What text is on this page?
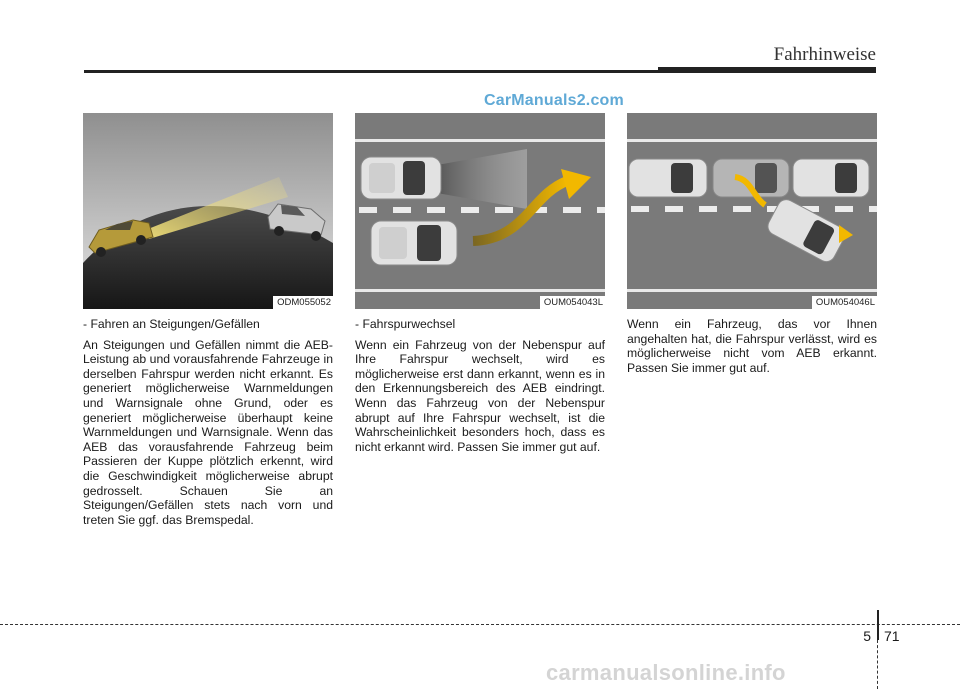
Fahrhinweise
CarManuals2.com
ODM055052	OUM054043L	OUM054046L

- Fahren an Steigungen/Gefällen

An Steigungen und Gefällen nimmt die AEB-Leistung ab und vorausfahrende Fahrzeuge in derselben Fahrspur werden nicht erkannt. Es generiert möglicherweise Warnmeldungen und Warnsignale ohne Grund, oder es generiert möglicherweise überhaupt keine Warnmeldungen und Warnsignale. Wenn das AEB das vorausfahrende Fahrzeug beim Passieren der Kuppe plötzlich erkennt, wird die Geschwindigkeit möglicherweise abrupt gedrosselt. Schauen Sie an Steigungen/Gefällen stets nach vorn und treten Sie ggf. das Bremspedal.

- Fahrspurwechsel

Wenn ein Fahrzeug von der Nebenspur auf Ihre Fahrspur wechselt, wird es möglicherweise erst dann erkannt, wenn es in den Erkennungsbereich des AEB eindringt. Wenn das Fahrzeug von der Nebenspur abrupt auf Ihre Fahrspur wechselt, ist die Wahrscheinlichkeit besonders hoch, dass es nicht erkannt wird. Passen Sie immer gut auf.

Wenn ein Fahrzeug, das vor Ihnen angehalten hat, die Fahrspur verlässt, wird es möglicherweise nicht vom AEB erkannt. Passen Sie immer gut auf.

5 71
carmanualsonline.info
